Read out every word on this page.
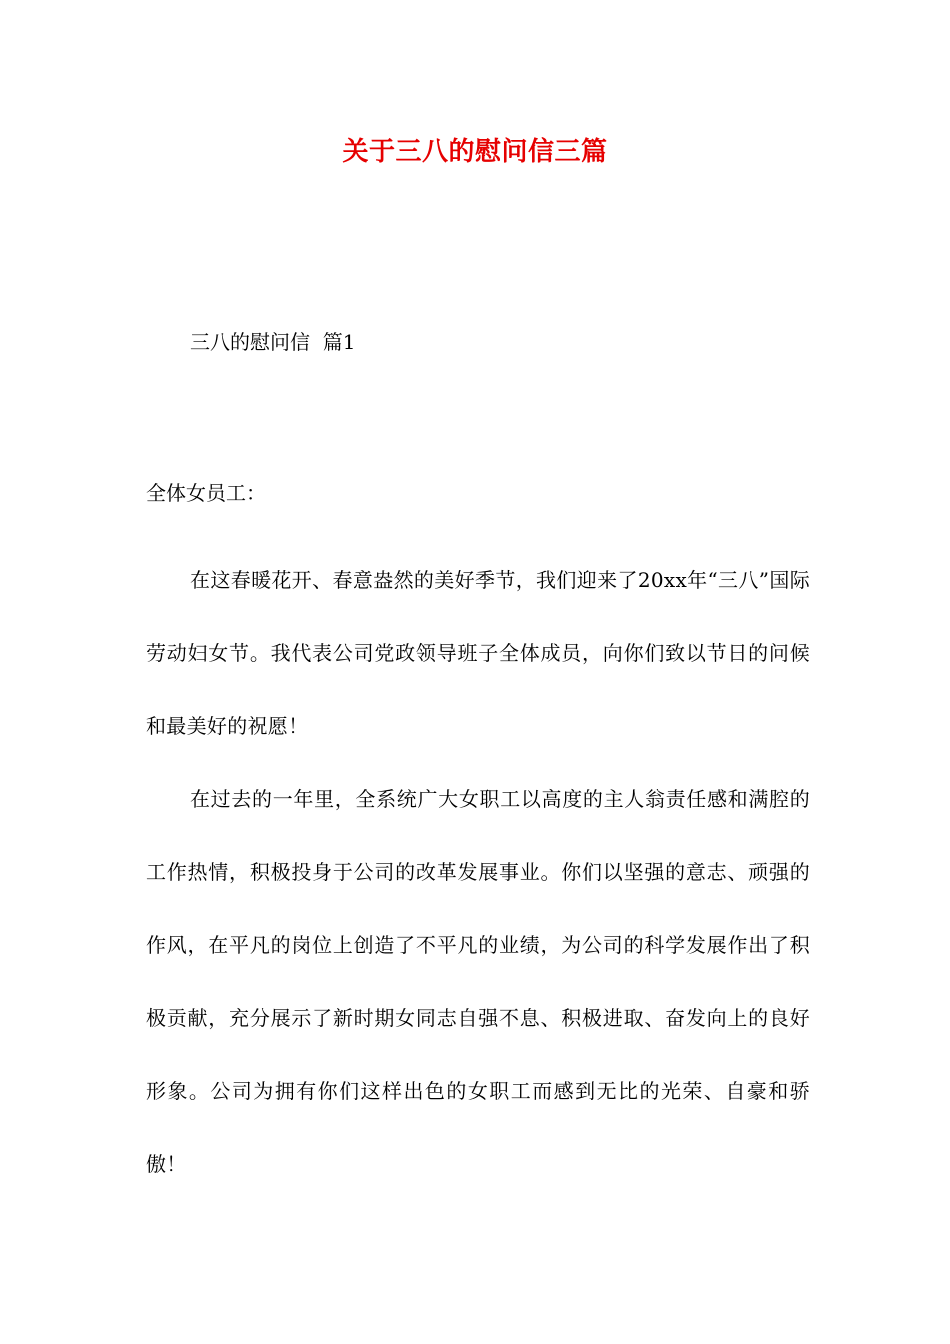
关于三八的慰问信三篇
三八的慰问信  篇1
全体女员工：

在这春暖花开、春意盎然的美好季节，我们迎来了20xx年“三八”国际劳动妇女节。我代表公司党政领导班子全体成员，向你们致以节日的问候和最美好的祝愿！

在过去的一年里，全系统广大女职工以高度的主人翁责任感和满腔的工作热情，积极投身于公司的改革发展事业。你们以坚强的意志、顽强的作风，在平凡的岗位上创造了不平凡的业绩，为公司的科学发展作出了积极贡献，充分展示了新时期女同志自强不息、积极进取、奋发向上的良好形象。公司为拥有你们这样出色的女职工而感到无比的光荣、自豪和骄傲！
